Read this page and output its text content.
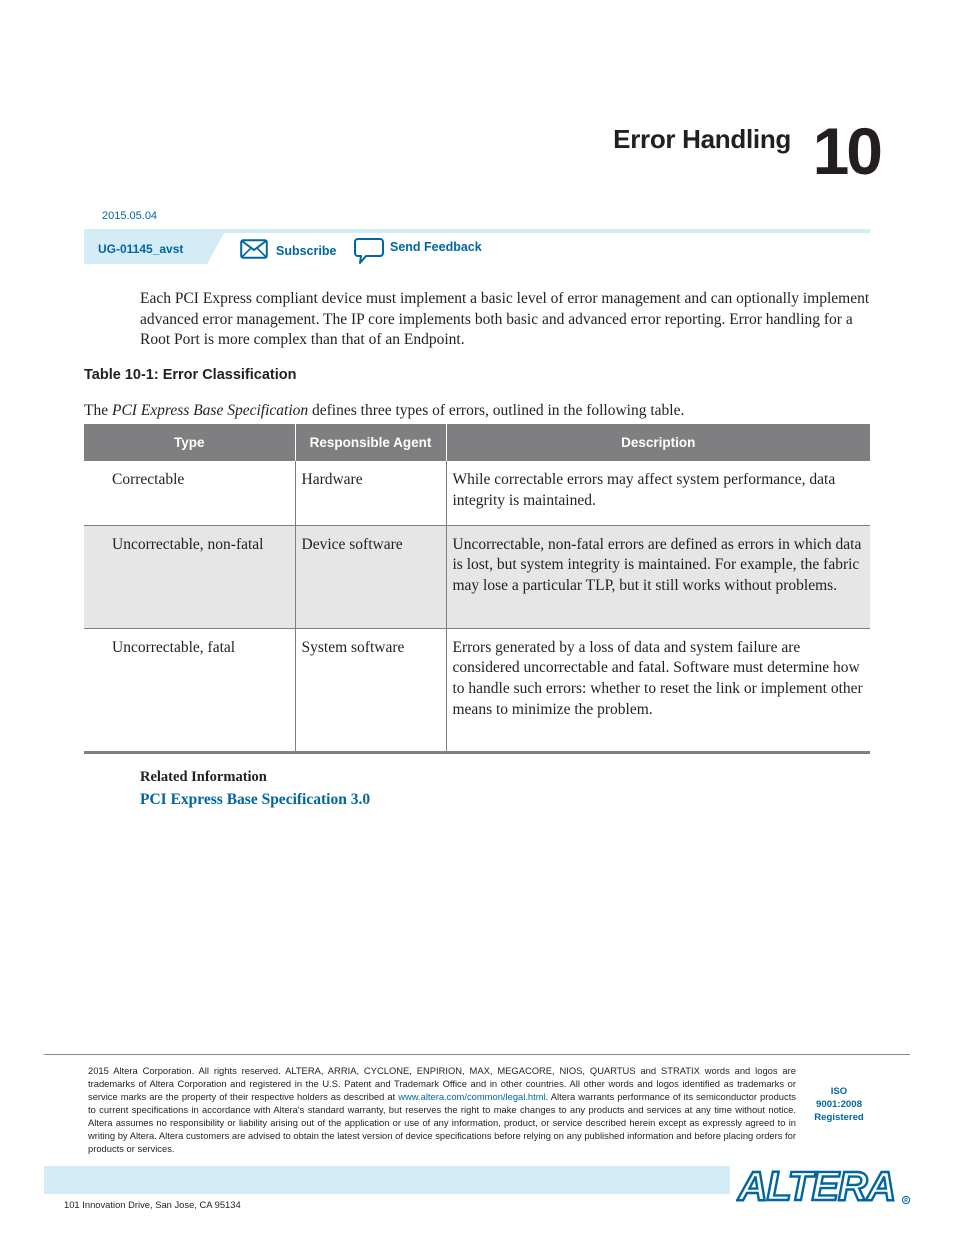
Error Handling 10
2015.05.04
UG-01145_avst	Subscribe	Send Feedback

Each PCI Express compliant device must implement a basic level of error management and can optionally implement advanced error management. The IP core implements both basic and advanced error reporting. Error handling for a Root Port is more complex than that of an Endpoint.

Table 10-1: Error Classification

The PCI Express Base Specification defines three types of errors, outlined in the following table.

Type	Responsible Agent	Description
Correctable	Hardware	While correctable errors may affect system performance, data integrity is maintained.
Uncorrectable, non-fatal	Device software	Uncorrectable, non-fatal errors are defined as errors in which data is lost, but system integrity is maintained. For example, the fabric may lose a particular TLP, but it still works without problems.
Uncorrectable, fatal	System software	Errors generated by a loss of data and system failure are considered uncorrectable and fatal. Software must determine how to handle such errors: whether to reset the link or implement other means to minimize the problem.
Related Information
PCI Express Base Specification 3.0
2015 Altera Corporation. All rights reserved. ALTERA, ARRIA, CYCLONE, ENPIRION, MAX, MEGACORE, NIOS, QUARTUS and STRATIX words and logos are trademarks of Altera Corporation and registered in the U.S. Patent and Trademark Office and in other countries. All other words and logos identified as trademarks or service marks are the property of their respective holders as described at www.altera.com/common/legal.html. Altera warrants performance of its semiconductor products to current specifications in accordance with Altera's standard warranty, but reserves the right to make changes to any products and services at any time without notice. Altera assumes no responsibility or liability arising out of the application or use of any information, product, or service described herein except as expressly agreed to in writing by Altera. Altera customers are advised to obtain the latest version of device specifications before relying on any published information and before placing orders for products or services.
ISO
9001:2008
Registered
ALTERA R
101 Innovation Drive, San Jose, CA 95134
